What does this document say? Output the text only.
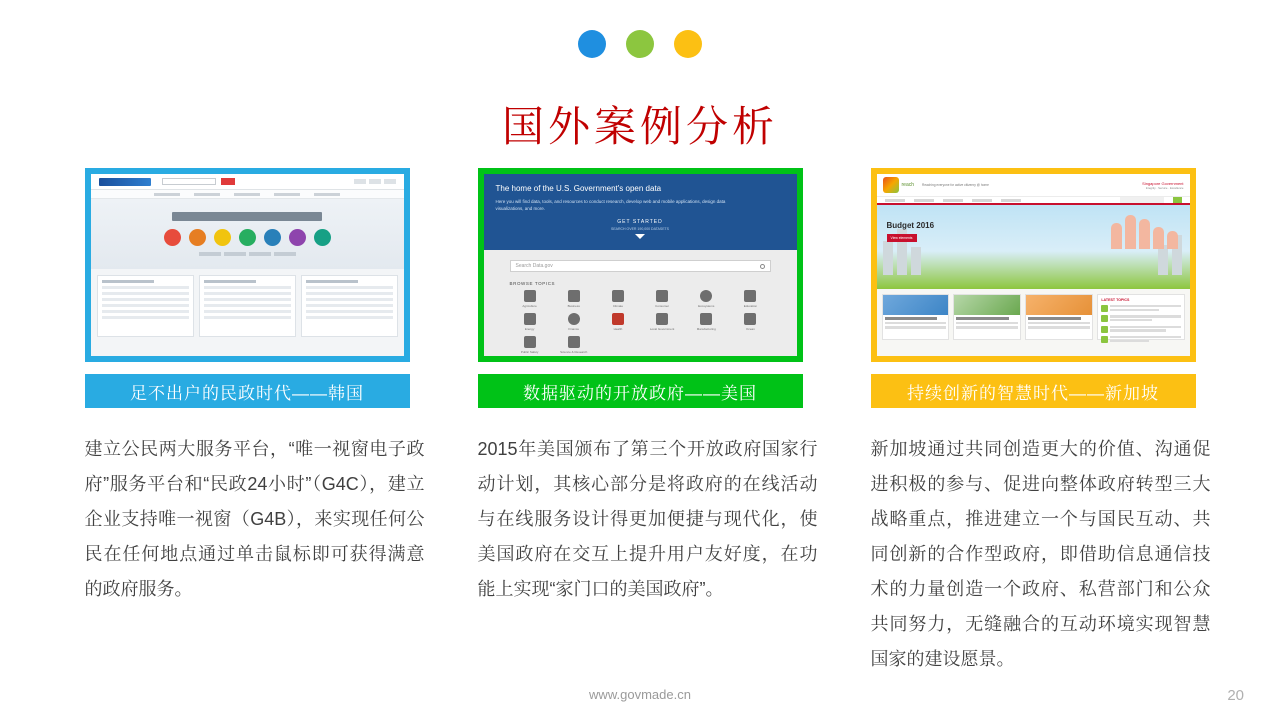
国外案例分析
足不出户的民政时代——韩国

建立公民两大服务平台，“唯一视窗电子政府”服务平台和“民政24小时”（G4C），建立企业支持唯一视窗（G4B），来实现任何公民在任何地点通过单击鼠标即可获得满意的政府服务。

The home of the U.S. Government's open data

Here you will find data, tools, and resources to conduct research, develop web and mobile applications, design data visualizations, and more.

GET STARTED
SEARCH OVER 190,000 DATASETS
Search Data.gov
BROWSE TOPICS
Agriculture	Business	Climate	Consumer	Ecosystems	Education
Energy	Finance	Health	Local Government	Manufacturing	Ocean
Public Safety	Science & Research
数据驱动的开放政府——美国

2015年美国颁布了第三个开放政府国家行动计划，其核心部分是将政府的在线活动与在线服务设计得更加便捷与现代化，使美国政府在交互上提升用户友好度，在功能上实现“家门口的美国政府”。

reach	Reaching everyone for active citizenry @ home	Singapore Government
Integrity · Service · Excellence
Budget 2016
View elements
LATEST TOPICS
持续创新的智慧时代——新加坡

新加坡通过共同创造更大的价值、沟通促进积极的参与、促进向整体政府转型三大战略重点，推进建立一个与国民互动、共同创新的合作型政府，即借助信息通信技术的力量创造一个政府、私营部门和公众共同努力，无缝融合的互动环境实现智慧国家的建设愿景。

www.govmade.cn	20
